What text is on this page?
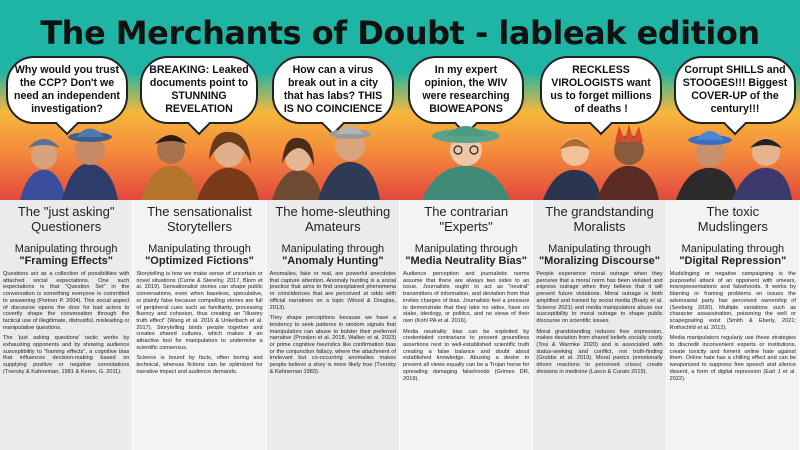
The Merchants of Doubt - lableak edition
Why would you trust the CCP? Don't we need an independent investigation?
BREAKING: Leaked documents point to STUNNING REVELATION
How can a virus break out in a city that has labs? THIS IS NO COINCIENCE
In my expert opinion, the WIV were researching BIOWEAPONS
RECKLESS VIROLOGISTS want us to forget millions of deaths !
Corrupt SHILLS and STOOGES!!! Biggest COVER-UP of the century!!!
The "just asking" Questioners
Manipulating through
"Framing Effects"

Questions act as a collection of possibilities with attached social expectations. One such expectations is that "Question Set" in the conversation is something everyone is committed to answering (Portner P. 2004). This social aspect of discourse opens the door for bad actors to covertly shape the conversation through the tactical use of illegitimate, distrustful, misleading or manipulative questions.

The 'just asking questions' tactic works by exhausting opponents and by showing audience susceptibility to "framing effects", a cognitive bias that influences decision-making based on supplying positive or negative connotations (Tversky & Kahneman, 1981 & Keren, G. 2011).

The sensationalist Storytellers
Manipulating through
"Optimized Fictions"

Storytelling is how we make sense of uncertain or novel situations (Currie & Sterelny, 2017, Blom et al. 2019). Sensationalist stories can shape public conversations, even when baseless, speculative, or plainly false because compelling stories are full of peripheral cues such as familiarity, processing fluency and cohesion, thus creating an "illusory truth effect" (Wang et al. 2016 & Unkelbach et al. 2017). Storytelling binds people together and creates shared cultures, which makes it an attractive tool for manipulators to undermine a scientific consensus.

Science is bound by facts, often boring and technical, whereas fictions can be optimized for narrative impact and audience demands.

The home-sleuthing Amateurs
Manipulating through
"Anomaly Hunting"

Anomalies, fake or real, are powerful anecdotes that capture attention. Anomaly hunting is a social practice that aims to find unexplained phenomena or coincidences that are perceived at odds with official narratives on a topic (Wood & Douglas, 2013).

They shape perceptions because we have a tendency to seek patterns in random signals that manipulators can abuse to bolster their preferred narrative (Prooijen et al. 2018, Walker et al. 2023) or prime cognitive heuristics like confirmation bias or the conjunction fallacy, where the attachment of irrelevant but co-occurring anomalies makes people believe a story is more likely true (Tversky & Kahneman 1983).

The contrarian "Experts"
Manipulating through
"Media Neutrality Bias"

Audience perception and journalistic norms assume that there are always two sides to an issue. Journalists ought to act as "neutral" transmitters of information, and deviation from that invites charges of bias. Journalists feel a pressure to demonstrate that they take no sides, have no stake, ideology, or politics, and no views of their own (Kohl PA et al. 2016).

Media neutrality bias can be exploited by credentialed contrarians to present groundless assertions next to well-established scientific truth creating a false balance and doubt about established knowledge. Abusing a desire to present all views equally can be a Trojan horse for spreading damaging falsehoods (Grimes DR, 2019).

The grandstanding Moralists
Manipulating through
"Moralizing Discourse"

People experience moral outrage when they perceive that a moral norm has been violated and express outrage when they believe that it will prevent future violations. Moral outrage is both amplified and trained by social media (Brady et al. Science 2021) and media manipulators abuse our susceptibility to moral outrage to shape public discourse on scientific issues.

Moral grandstanding reduces free expression, makes deviation from shared beliefs socially costly (Tosi & Warmke 2020) and is associated with status-seeking and conflict, not truth-finding (Grubbs et al. 2019). Moral panics (emotionally driven reactions to perceived crises) create divisions in medicine (Lasco & Curato 2019).

The toxic Mudslingers
Manipulating through
"Digital Repression"

Mudslinging or negative campaigning is the purposeful attack of an opponent with smears, misrepresentations and falsehoods. It works by blaming or framing problems on issues the adversarial party has perceived ownership of (Seeberg 2020). Multiple variations such as character assassination, poisoning the well or scapegoating exist (Smith & Eberly, 2021; Rothschild et al. 2012).

Media manipulators regularly use these strategies to discredit inconvenient experts or institutions, create toxicity and foment online hate against them. Online hate has a chilling effect and can be weaponized to suppress free speech and silence dissent, a form of digital repression (Earl J et al. 2022).
